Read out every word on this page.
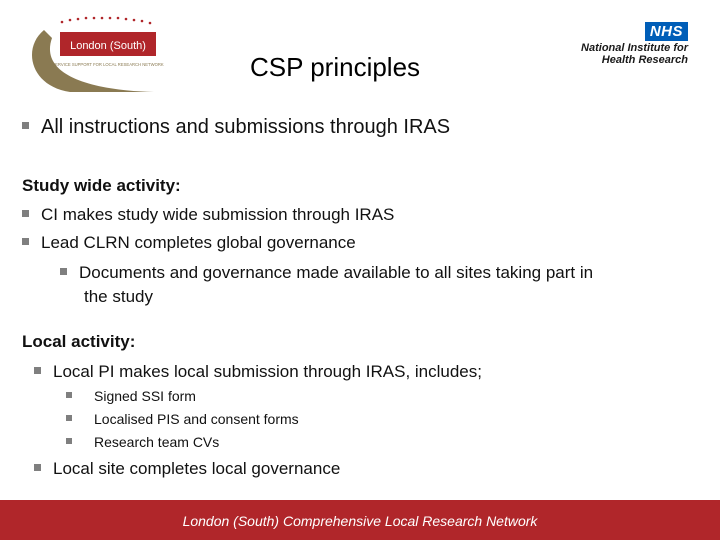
London (South)
SERVICE SUPPORT FOR LOCAL RESEARCH NETWORK
NHS
National Institute for
Health Research
CSP principles
All instructions and submissions through IRAS
Study wide activity:
CI makes study wide submission through IRAS
Lead CLRN completes global governance
Documents and governance made available to all sites taking part in
the study
Local activity:
Local PI makes local submission through IRAS, includes;
Signed SSI form
Localised PIS and consent forms
Research team CVs
Local site completes local governance
London (South) Comprehensive Local Research Network
